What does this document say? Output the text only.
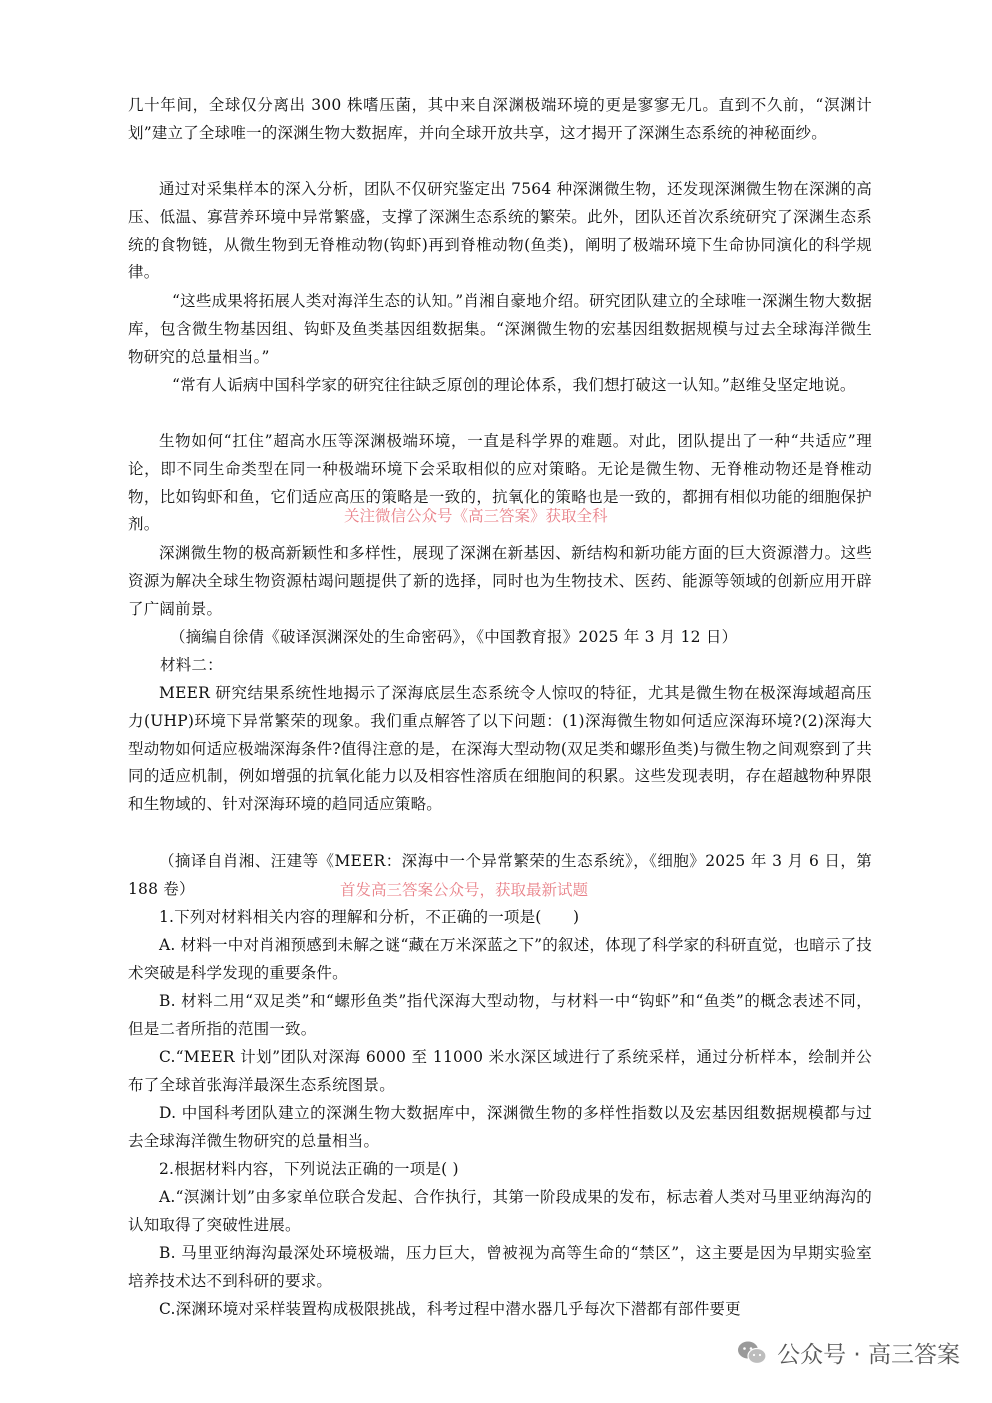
几十年间，全球仅分离出 300 株嗜压菌，其中来自深渊极端环境的更是寥寥无几。直到不久前，“溟渊计划”建立了全球唯一的深渊生物大数据库，并向全球开放共享，这才揭开了深渊生态系统的神秘面纱。

通过对采集样本的深入分析，团队不仅研究鉴定出 7564 种深渊微生物，还发现深渊微生物在深渊的高压、低温、寡营养环境中异常繁盛，支撑了深渊生态系统的繁荣。此外，团队还首次系统研究了深渊生态系统的食物链，从微生物到无脊椎动物(钩虾)再到脊椎动物(鱼类)，阐明了极端环境下生命协同演化的科学规律。

“这些成果将拓展人类对海洋生态的认知。”肖湘自豪地介绍。研究团队建立的全球唯一深渊生物大数据库，包含微生物基因组、钩虾及鱼类基因组数据集。“深渊微生物的宏基因组数据规模与过去全球海洋微生物研究的总量相当。”

“常有人诟病中国科学家的研究往往缺乏原创的理论体系，我们想打破这一认知。”赵维殳坚定地说。

生物如何“扛住”超高水压等深渊极端环境，一直是科学界的难题。对此，团队提出了一种“共适应”理论，即不同生命类型在同一种极端环境下会采取相似的应对策略。无论是微生物、无脊椎动物还是脊椎动物，比如钩虾和鱼，它们适应高压的策略是一致的，抗氧化的策略也是一致的，都拥有相似功能的细胞保护剂。

深渊微生物的极高新颖性和多样性，展现了深渊在新基因、新结构和新功能方面的巨大资源潜力。这些资源为解决全球生物资源枯竭问题提供了新的选择，同时也为生物技术、医药、能源等领域的创新应用开辟了广阔前景。

（摘编自徐倩《破译溟渊深处的生命密码》，《中国教育报》2025 年 3 月 12 日）

材料二：

MEER 研究结果系统性地揭示了深海底层生态系统令人惊叹的特征，尤其是微生物在极深海域超高压力(UHP)环境下异常繁荣的现象。我们重点解答了以下问题：(1)深海微生物如何适应深海环境?(2)深海大型动物如何适应极端深海条件?值得注意的是，在深海大型动物(双足类和螺形鱼类)与微生物之间观察到了共同的适应机制，例如增强的抗氧化能力以及相容性溶质在细胞间的积累。这些发现表明，存在超越物种界限和生物域的、针对深海环境的趋同适应策略。

（摘译自肖湘、汪建等《MEER：深海中一个异常繁荣的生态系统》，《细胞》2025 年 3 月 6 日，第 188 卷）

1.下列对材料相关内容的理解和分析，不正确的一项是(　　)

A. 材料一中对肖湘预感到未解之谜“藏在万米深蓝之下”的叙述，体现了科学家的科研直觉，也暗示了技术突破是科学发现的重要条件。

B. 材料二用“双足类”和“螺形鱼类”指代深海大型动物，与材料一中“钩虾”和“鱼类”的概念表述不同，但是二者所指的范围一致。

C.“MEER 计划”团队对深海 6000 至 11000 米水深区域进行了系统采样，通过分析样本，绘制并公布了全球首张海洋最深生态系统图景。

D. 中国科考团队建立的深渊生物大数据库中，深渊微生物的多样性指数以及宏基因组数据规模都与过去全球海洋微生物研究的总量相当。

2.根据材料内容，下列说法正确的一项是( )

A.“溟渊计划”由多家单位联合发起、合作执行，其第一阶段成果的发布，标志着人类对马里亚纳海沟的认知取得了突破性进展。

B. 马里亚纳海沟最深处环境极端，压力巨大，曾被视为高等生命的“禁区”，这主要是因为早期实验室培养技术达不到科研的要求。

C.深渊环境对采样装置构成极限挑战，科考过程中潜水器几乎每次下潜都有部件要更

关注微信公众号《高三答案》获取全科
首发高三答案公众号，获取最新试题
公众号 · 高三答案
